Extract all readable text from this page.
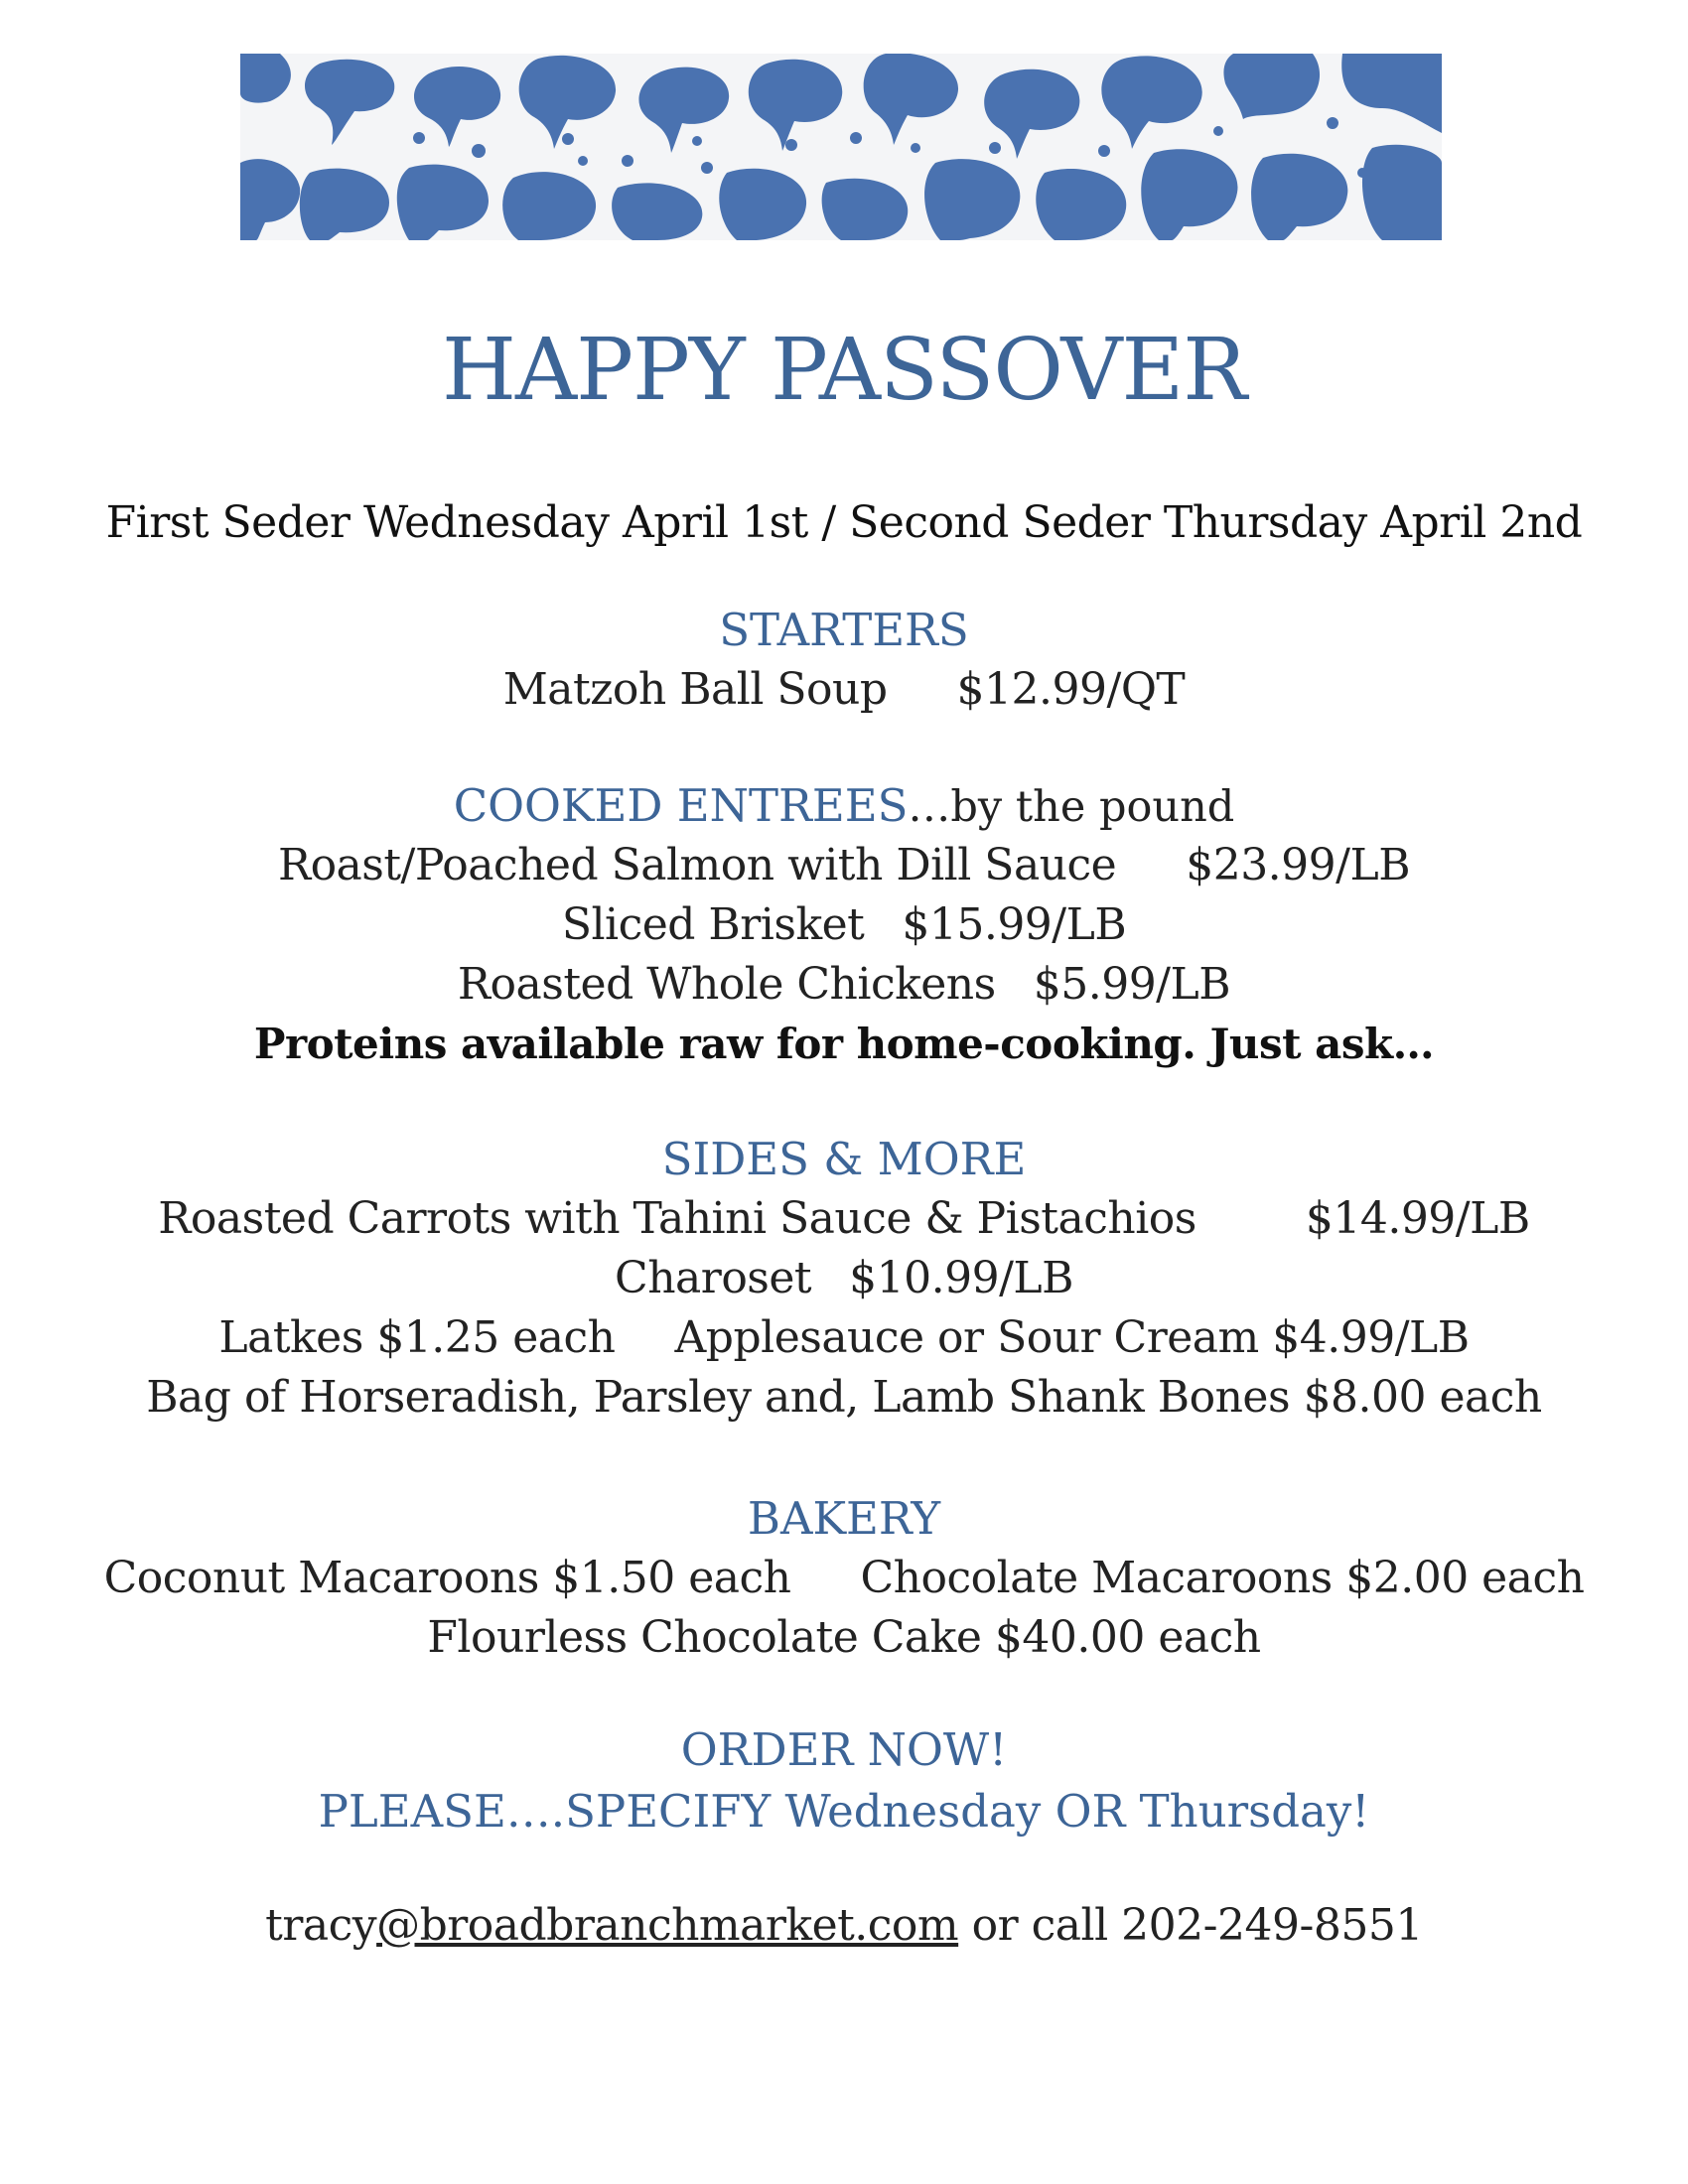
HAPPY PASSOVER
First Seder Wednesday April 1st / Second Seder Thursday April 2nd
STARTERS
Matzoh Ball Soup $12.99/QT
COOKED ENTREES…by the pound
Roast/Poached Salmon with Dill Sauce $23.99/LB
Sliced Brisket $15.99/LB
Roasted Whole Chickens $5.99/LB
Proteins available raw for home-cooking. Just ask…
SIDES & MORE
Roasted Carrots with Tahini Sauce & Pistachios	$14.99/LB
Charoset $10.99/LB
Latkes $1.25 each Applesauce or Sour Cream $4.99/LB
Bag of Horseradish, Parsley and, Lamb Shank Bones $8.00 each
BAKERY
Coconut Macaroons $1.50 each Chocolate Macaroons $2.00 each
Flourless Chocolate Cake $40.00 each
ORDER NOW!
PLEASE….SPECIFY Wednesday OR Thursday!
tracy@broadbranchmarket.com or call 202-249-8551
